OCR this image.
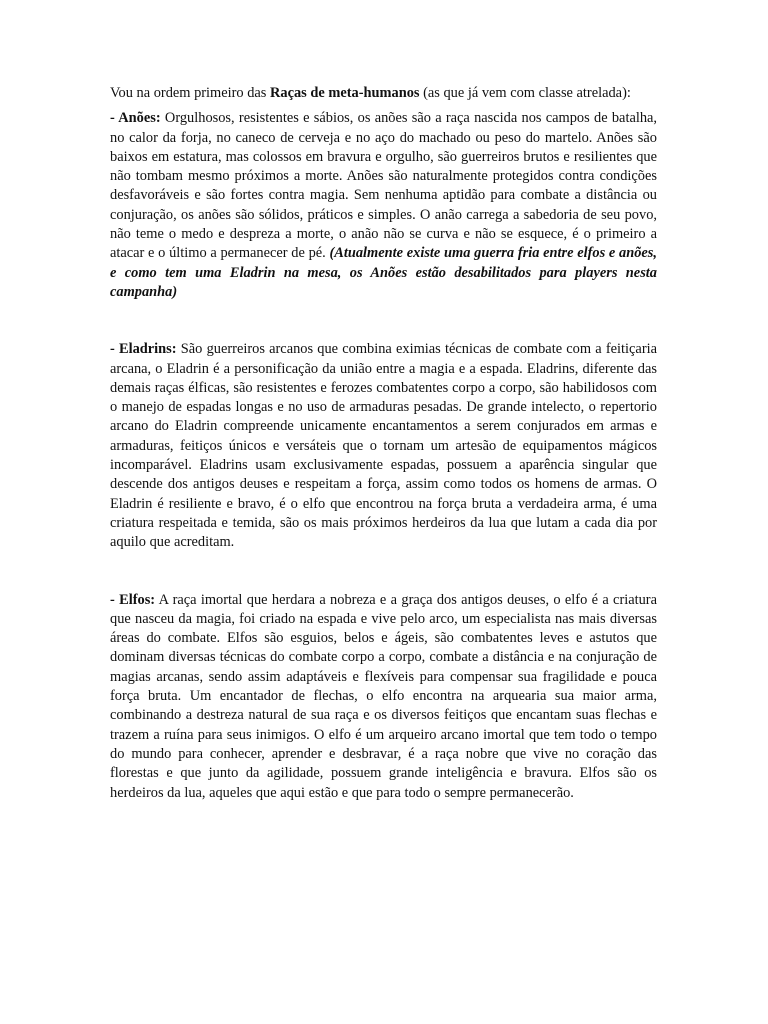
Vou na ordem primeiro das Raças de meta-humanos (as que já vem com classe atrelada):

- Anões: Orgulhosos, resistentes e sábios, os anões são a raça nascida nos campos de batalha, no calor da forja, no caneco de cerveja e no aço do machado ou peso do martelo. Anões são baixos em estatura, mas colossos em bravura e orgulho, são guerreiros brutos e resilientes que não tombam mesmo próximos a morte. Anões são naturalmente protegidos contra condições desfavoráveis e são fortes contra magia. Sem nenhuma aptidão para combate a distância ou conjuração, os anões são sólidos, práticos e simples. O anão carrega a sabedoria de seu povo, não teme o medo e despreza a morte, o anão não se curva e não se esquece, é o primeiro a atacar e o último a permanecer de pé. (Atualmente existe uma guerra fria entre elfos e anões, e como tem uma Eladrin na mesa, os Anões estão desabilitados para players nesta campanha)

- Eladrins: São guerreiros arcanos que combina eximias técnicas de combate com a feitiçaria arcana, o Eladrin é a personificação da união entre a magia e a espada. Eladrins, diferente das demais raças élficas, são resistentes e ferozes combatentes corpo a corpo, são habilidosos com o manejo de espadas longas e no uso de armaduras pesadas. De grande intelecto, o repertorio arcano do Eladrin compreende unicamente encantamentos a serem conjurados em armas e armaduras, feitiços únicos e versáteis que o tornam um artesão de equipamentos mágicos incomparável. Eladrins usam exclusivamente espadas, possuem a aparência singular que descende dos antigos deuses e respeitam a força, assim como todos os homens de armas. O Eladrin é resiliente e bravo, é o elfo que encontrou na força bruta a verdadeira arma, é uma criatura respeitada e temida, são os mais próximos herdeiros da lua que lutam a cada dia por aquilo que acreditam.

- Elfos: A raça imortal que herdara a nobreza e a graça dos antigos deuses, o elfo é a criatura que nasceu da magia, foi criado na espada e vive pelo arco, um especialista nas mais diversas áreas do combate. Elfos são esguios, belos e ágeis, são combatentes leves e astutos que dominam diversas técnicas do combate corpo a corpo, combate a distância e na conjuração de magias arcanas, sendo assim adaptáveis e flexíveis para compensar sua fragilidade e pouca força bruta. Um encantador de flechas, o elfo encontra na arquearia sua maior arma, combinando a destreza natural de sua raça e os diversos feitiços que encantam suas flechas e trazem a ruína para seus inimigos. O elfo é um arqueiro arcano imortal que tem todo o tempo do mundo para conhecer, aprender e desbravar, é a raça nobre que vive no coração das florestas e que junto da agilidade, possuem grande inteligência e bravura. Elfos são os herdeiros da lua, aqueles que aqui estão e que para todo o sempre permanecerão.
